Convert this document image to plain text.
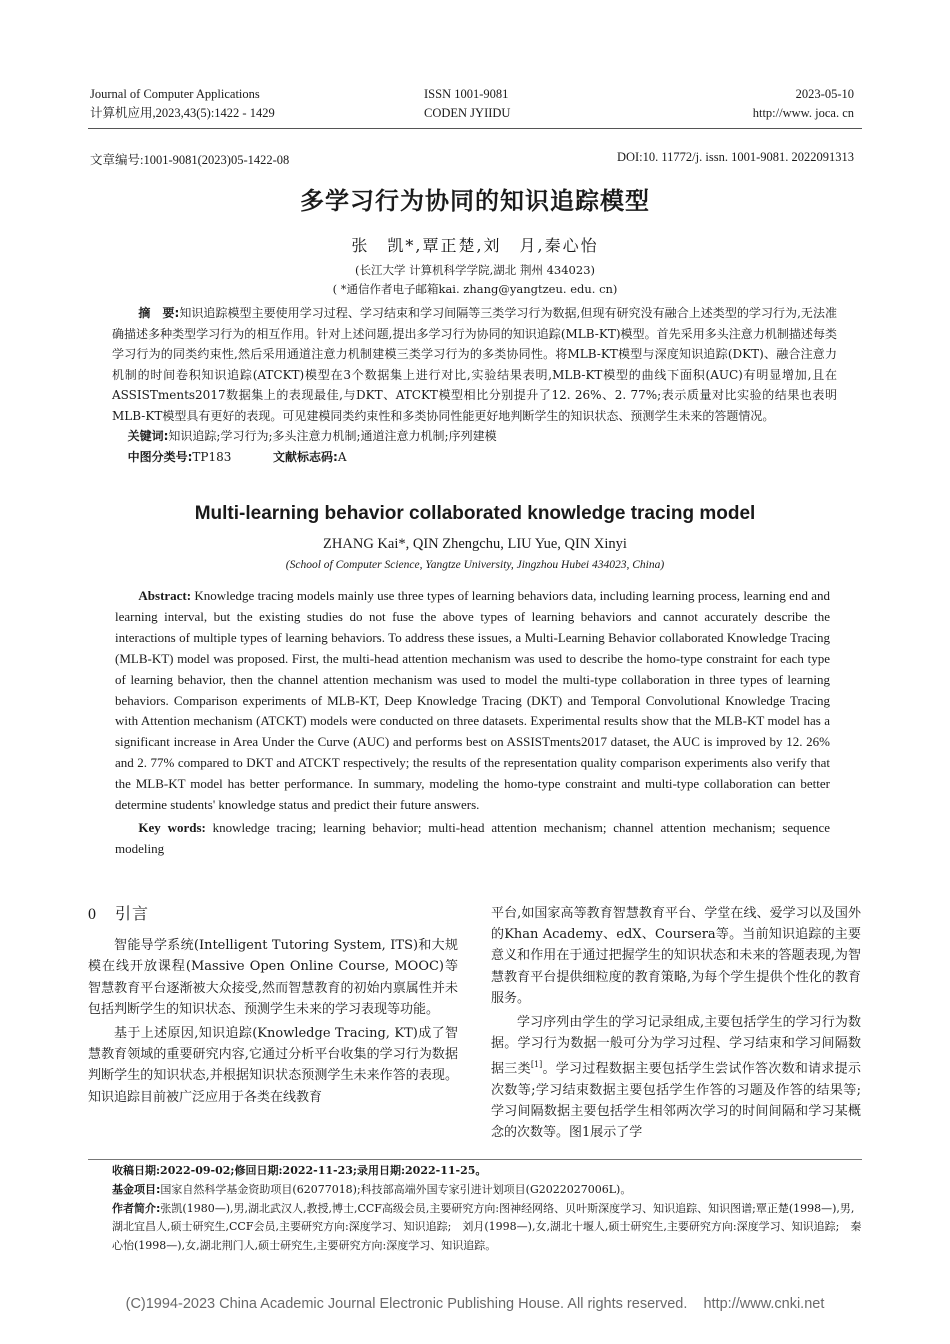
Journal of Computer Applications
计算机应用,2023,43(5):1422 - 1429
ISSN 1001-9081
CODEN JYIIDU
2023-05-10
http://www. joca. cn
文章编号:1001-9081(2023)05-1422-08	DOI:10. 11772/j. issn. 1001-9081. 2022091313
多学习行为协同的知识追踪模型
张　凯*,覃正楚,刘　月,秦心怡
(长江大学 计算机科学学院,湖北 荆州 434023)
( *通信作者电子邮箱kai. zhang@yangtzeu. edu. cn)
摘　要:知识追踪模型主要使用学习过程、学习结束和学习间隔等三类学习行为数据,但现有研究没有融合上述类型的学习行为,无法准确描述多种类型学习行为的相互作用。针对上述问题,提出多学习行为协同的知识追踪(MLB-KT)模型。首先采用多头注意力机制描述每类学习行为的同类约束性,然后采用通道注意力机制建模三类学习行为的多类协同性。将MLB-KT模型与深度知识追踪(DKT)、融合注意力机制的时间卷积知识追踪(ATCKT)模型在3个数据集上进行对比,实验结果表明,MLB-KT模型的曲线下面积(AUC)有明显增加,且在ASSISTments2017数据集上的表现最佳,与DKT、ATCKT模型相比分别提升了12. 26%、2. 77%;表示质量对比实验的结果也表明MLB-KT模型具有更好的表现。可见建模同类约束性和多类协同性能更好地判断学生的知识状态、预测学生未来的答题情况。
关键词:知识追踪;学习行为;多头注意力机制;通道注意力机制;序列建模
中图分类号:TP183	文献标志码:A
Multi-learning behavior collaborated knowledge tracing model
ZHANG Kai*, QIN Zhengchu, LIU Yue, QIN Xinyi
(School of Computer Science, Yangtze University, Jingzhou Hubei 434023, China)
Abstract: Knowledge tracing models mainly use three types of learning behaviors data, including learning process, learning end and learning interval, but the existing studies do not fuse the above types of learning behaviors and cannot accurately describe the interactions of multiple types of learning behaviors. To address these issues, a Multi-Learning Behavior collaborated Knowledge Tracing (MLB-KT) model was proposed. First, the multi-head attention mechanism was used to describe the homo-type constraint for each type of learning behavior, then the channel attention mechanism was used to model the multi-type collaboration in three types of learning behaviors. Comparison experiments of MLB-KT, Deep Knowledge Tracing (DKT) and Temporal Convolutional Knowledge Tracing with Attention mechanism (ATCKT) models were conducted on three datasets. Experimental results show that the MLB-KT model has a significant increase in Area Under the Curve (AUC) and performs best on ASSISTments2017 dataset, the AUC is improved by 12. 26% and 2. 77% compared to DKT and ATCKT respectively; the results of the representation quality comparison experiments also verify that the MLB-KT model has better performance. In summary, modeling the homo-type constraint and multi-type collaboration can better determine students' knowledge status and predict their future answers.
Key words: knowledge tracing; learning behavior; multi-head attention mechanism; channel attention mechanism; sequence modeling
0 引言

智能导学系统(Intelligent Tutoring System, ITS)和大规模在线开放课程(Massive Open Online Course, MOOC)等智慧教育平台逐渐被大众接受,然而智慧教育的初始内禀属性并未包括判断学生的知识状态、预测学生未来的学习表现等功能。

基于上述原因,知识追踪(Knowledge Tracing, KT)成了智慧教育领域的重要研究内容,它通过分析平台收集的学习行为数据判断学生的知识状态,并根据知识状态预测学生未来作答的表现。知识追踪目前被广泛应用于各类在线教育

平台,如国家高等教育智慧教育平台、学堂在线、爱学习以及国外的Khan Academy、edX、Coursera等。当前知识追踪的主要意义和作用在于通过把握学生的知识状态和未来的答题表现,为智慧教育平台提供细粒度的教育策略,为每个学生提供个性化的教育服务。

学习序列由学生的学习记录组成,主要包括学生的学习行为数据。学习行为数据一般可分为学习过程、学习结束和学习间隔数据三类[1]。学习过程数据主要包括学生尝试作答次数和请求提示次数等;学习结束数据主要包括学生作答的习题及作答的结果等;学习间隔数据主要包括学生相邻两次学习的时间间隔和学习某概念的次数等。图1展示了学

收稿日期:2022-09-02;修回日期:2022-11-23;录用日期:2022-11-25。
基金项目:国家自然科学基金资助项目(62077018);科技部高端外国专家引进计划项目(G2022027006L)。
作者简介:张凯(1980—),男,湖北武汉人,教授,博士,CCF高级会员,主要研究方向:图神经网络、贝叶斯深度学习、知识追踪、知识图谱;覃正楚(1998—),男,湖北宜昌人,硕士研究生,CCF会员,主要研究方向:深度学习、知识追踪;　刘月(1998—),女,湖北十堰人,硕士研究生,主要研究方向:深度学习、知识追踪;　秦心怡(1998—),女,湖北荆门人,硕士研究生,主要研究方向:深度学习、知识追踪。
(C)1994-2023 China Academic Journal Electronic Publishing House. All rights reserved.    http://www.cnki.net
